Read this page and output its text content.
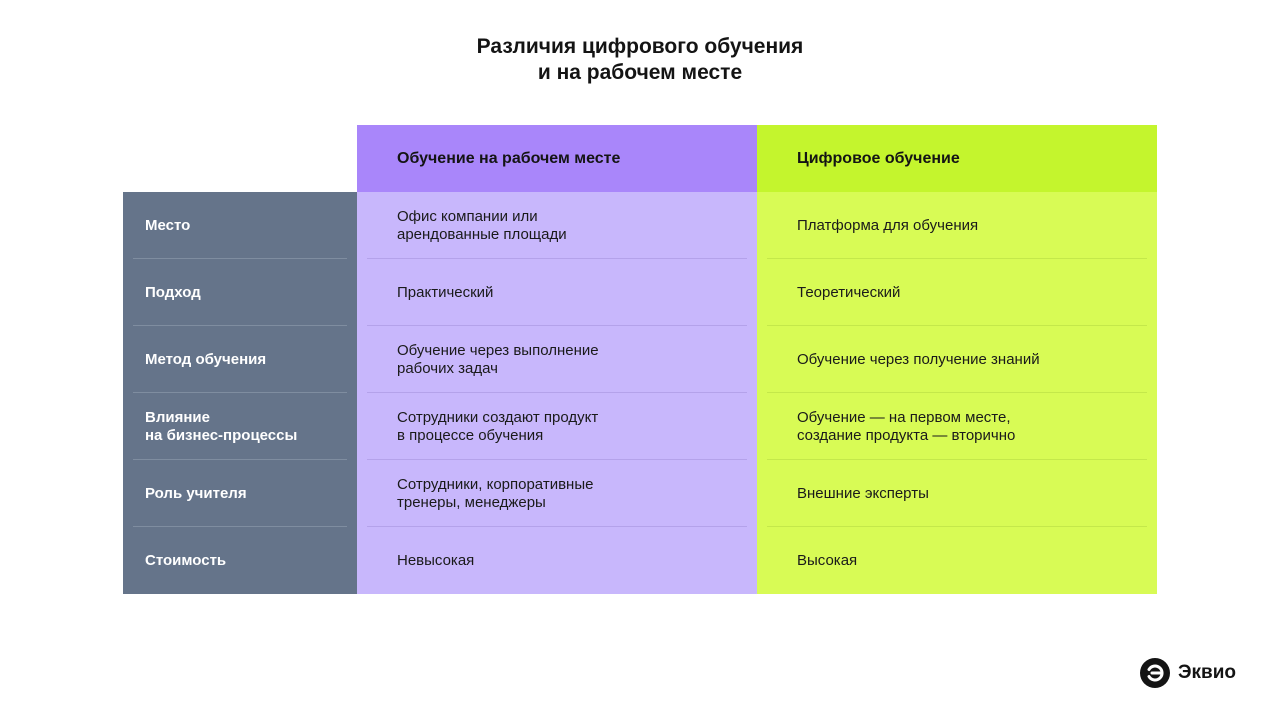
Различия цифрового обучения
и на рабочем месте
Место
Подход
Метод обучения
Влияние
на бизнес-процессы
Роль учителя
Стоимость
Обучение на рабочем месте
Офис компании или
арендованные площади
Практический
Обучение через выполнение
рабочих задач
Сотрудники создают продукт
в процессе обучения
Сотрудники, корпоративные
тренеры, менеджеры
Невысокая
Цифровое обучение
Платформа для обучения
Теоретический
Обучение через получение знаний
Обучение — на первом месте,
создание продукта — вторично
Внешние эксперты
Высокая
Эквио
